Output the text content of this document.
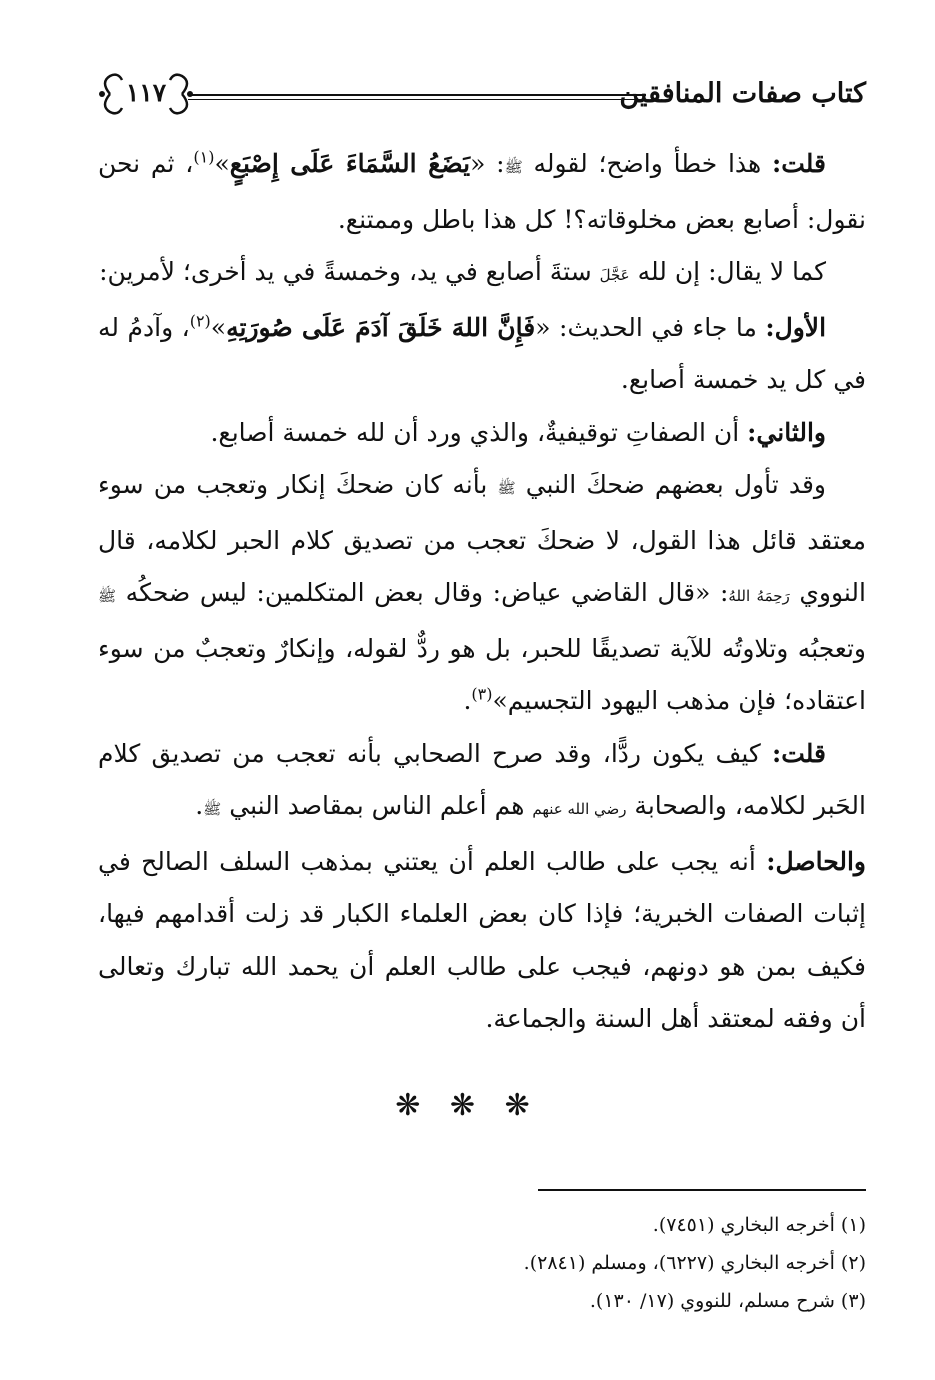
كتاب صفات المنافقين
١١٧

قلت: هذا خطأ واضح؛ لقوله ﷺ: «يَضَعُ السَّمَاءَ عَلَى إِصْبَعٍ»$^{(١)}$، ثم نحن نقول: أصابع بعض مخلوقاته؟! كل هذا باطل وممتنع.

كما لا يقال: إن لله عَجَّلَ ستةَ أصابع في يد، وخمسةً في يد أخرى؛ لأمرين:

الأول: ما جاء في الحديث: «فَإِنَّ اللهَ خَلَقَ آدَمَ عَلَى صُورَتِهِ»$^{(٢)}$، وآدمُ له في كل يد خمسة أصابع.

والثاني: أن الصفاتِ توقيفيةٌ، والذي ورد أن لله خمسة أصابع.

وقد تأول بعضهم ضحكَ النبي ﷺ بأنه كان ضحكَ إنكار وتعجب من سوء معتقد قائل هذا القول، لا ضحكَ تعجب من تصديق كلام الحبر لكلامه، قال النووي رَحِمَهُ اللهُ: «قال القاضي عياض: وقال بعض المتكلمين: ليس ضحكُه ﷺ وتعجبُه وتلاوتُه للآية تصديقًا للحبر، بل هو ردٌّ لقوله، وإنكارٌ وتعجبٌ من سوء اعتقاده؛ فإن مذهب اليهود التجسيم»$^{(٣)}$.

قلت: كيف يكون ردًّا، وقد صرح الصحابي بأنه تعجب من تصديق كلام الحَبر لكلامه، والصحابة رضي الله عنهم هم أعلم الناس بمقاصد النبي ﷺ.

والحاصل: أنه يجب على طالب العلم أن يعتني بمذهب السلف الصالح في إثبات الصفات الخبرية؛ فإذا كان بعض العلماء الكبار قد زلت أقدامهم فيها، فكيف بمن هو دونهم، فيجب على طالب العلم أن يحمد الله تبارك وتعالى أن وفقه لمعتقد أهل السنة والجماعة.

❋ ❋ ❋

(١) أخرجه البخاري (٧٤٥١).

(٢) أخرجه البخاري (٦٢٢٧)، ومسلم (٢٨٤١).

(٣) شرح مسلم، للنووي (١٧/ ١٣٠).
